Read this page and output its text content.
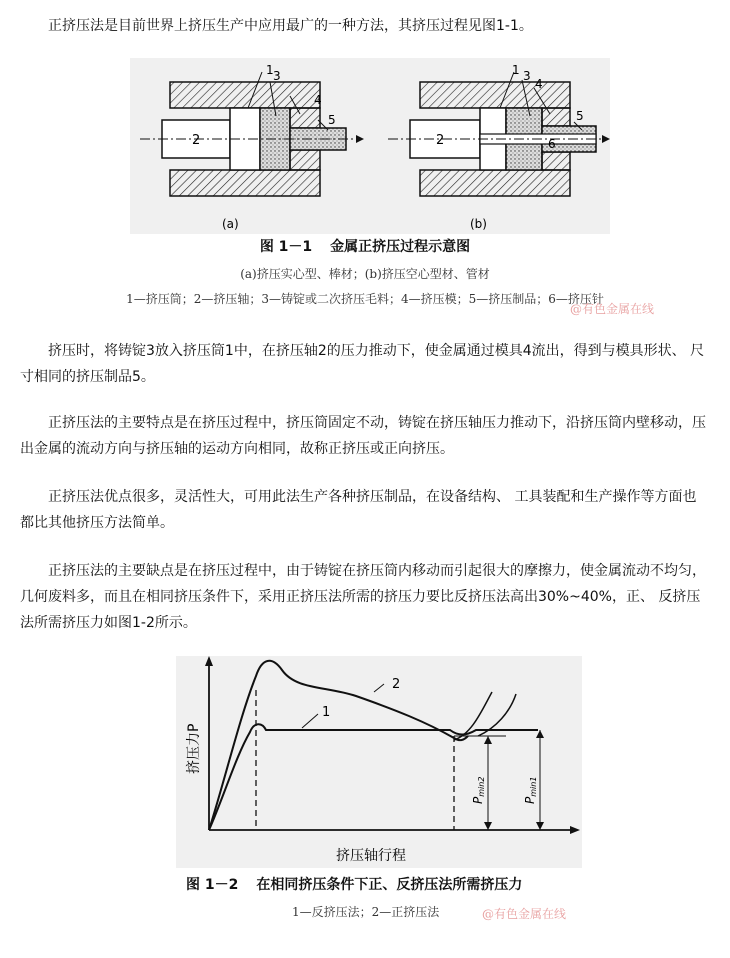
正挤压法是目前世界上挤压生产中应用最广的一种方法，其挤压过程见图1-1。

1
2
3
4
5
(a)
1
2
3
4
5
6
(b)
图 1－1 金属正挤压过程示意图
(a)挤压实心型、棒材；(b)挤压空心型材、管材
1—挤压筒；2—挤压轴；3—铸锭或二次挤压毛料；4—挤压模；5—挤压制品；6—挤压针
@有色金属在线

挤压时，将铸锭3放入挤压筒1中，在挤压轴2的压力推动下，使金属通过模具4流出，得到与模具形状、 尺寸相同的挤压制品5。

正挤压法的主要特点是在挤压过程中，挤压筒固定不动，铸锭在挤压轴压力推动下，沿挤压筒内壁移动，压出金属的流动方向与挤压轴的运动方向相同，故称正挤压或正向挤压。

正挤压法优点很多，灵活性大，可用此法生产各种挤压制品，在设备结构、 工具装配和生产操作等方面也都比其他挤压方法简单。

正挤压法的主要缺点是在挤压过程中，由于铸锭在挤压筒内移动而引起很大的摩擦力，使金属流动不均匀，几何废料多，而且在相同挤压条件下，采用正挤压法所需的挤压力要比反挤压法高出30%~40%，正、 反挤压法所需挤压力如图1-2所示。

2
1
挤压力P
Pmin2
Pmin1
挤压轴行程
图 1－2 在相同挤压条件下正、反挤压法所需挤压力
1—反挤压法；2—正挤压法	@有色金属在线
